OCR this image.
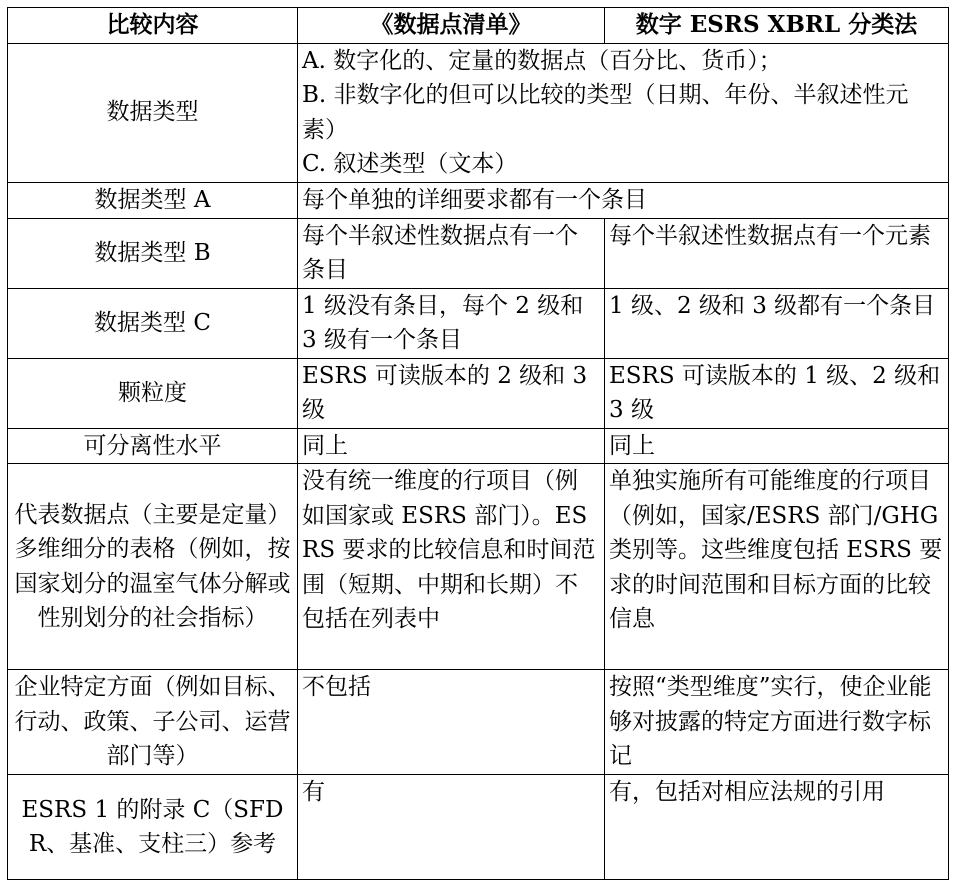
比较内容	《数据点清单》	数字 ESRS XBRL 分类法
数据类型	A. 数字化的、定量的数据点（百分比、货币）；
B. 非数字化的但可以比较的类型（日期、年份、半叙述性元素）
C. 叙述类型（文本）	
数据类型 A	每个单独的详细要求都有一个条目	
数据类型 B	每个半叙述性数据点有一个条目	每个半叙述性数据点有一个元素
数据类型 C	1 级没有条目，每个 2 级和 3 级有一个条目	1 级、2 级和 3 级都有一个条目
颗粒度	ESRS 可读版本的 2 级和 3 级	ESRS 可读版本的 1 级、2 级和 3 级
可分离性水平	同上	同上
代表数据点（主要是定量）多维细分的表格（例如，按国家划分的温室气体分解或性别划分的社会指标）	没有统一维度的行项目（例如国家或 ESRS 部门）。ESRS 要求的比较信息和时间范围（短期、中期和长期）不包括在列表中	单独实施所有可能维度的行项目（例如，国家/ESRS 部门/GHG 类别等。这些维度包括 ESRS 要求的时间范围和目标方面的比较信息
企业特定方面（例如目标、行动、政策、子公司、运营部门等）	不包括	按照“类型维度”实行，使企业能够对披露的特定方面进行数字标记
ESRS 1 的附录 C（SFDR、基准、支柱三）参考	有	有，包括对相应法规的引用
